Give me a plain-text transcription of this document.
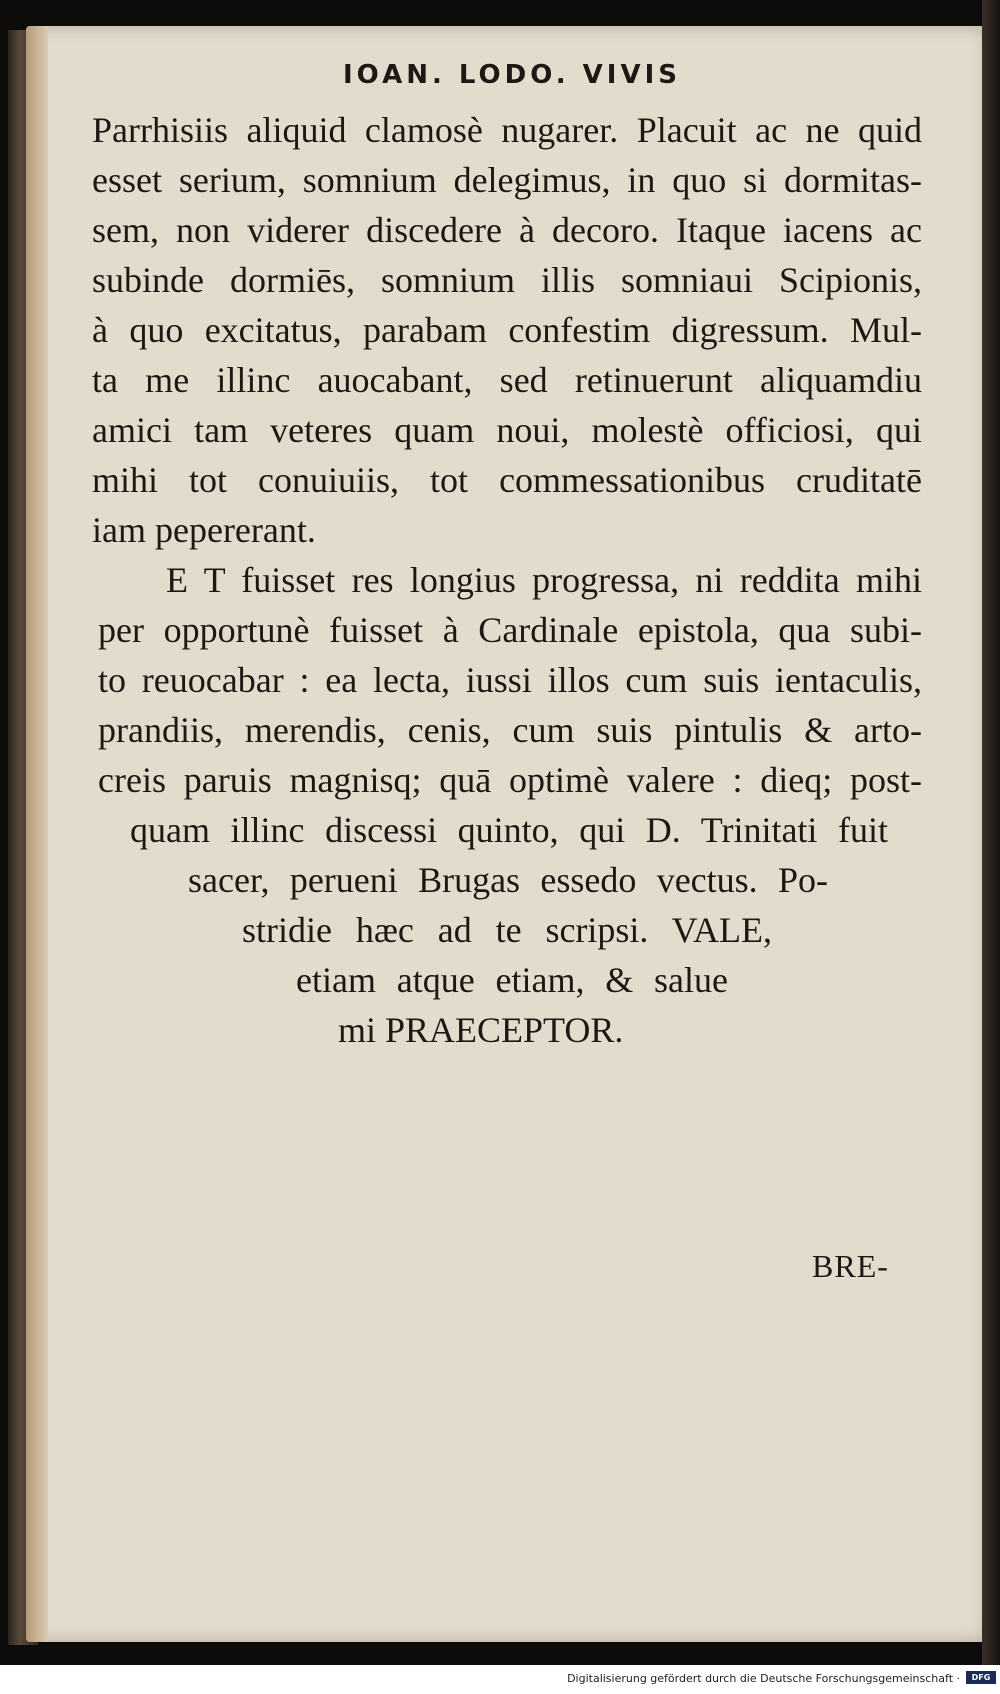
IOAN. LODO. VIVIS
Parrhisiis aliquid clamosè nugarer. Placuit ac ne quid
esset serium, somnium delegimus, in quo si dormitas-
sem, non viderer discedere à decoro. Itaque iacens ac
subinde dormiēs, somnium illis somniaui Scipionis,
à quo excitatus, parabam confestim digressum. Mul-
ta me illinc auocabant, sed retinuerunt aliquamdiu
amici tam veteres quam noui, molestè officiosi, qui
mihi tot conuiuiis, tot commessationibus cruditatē
iam pepererant.
E T fuisset res longius progressa, ni reddita mihi
per opportunè fuisset à Cardinale epistola, qua subi-
to reuocabar : ea lecta, iussi illos cum suis ientaculis,
prandiis, merendis, cenis, cum suis pintulis & arto-
creis paruis magnisq; quā optimè valere : dieq; post-
quam illinc discessi quinto, qui D. Trinitati fuit
sacer, perueni Brugas essedo vectus. Po-
stridie hæc ad te scripsi. VALE,
etiam atque etiam, & salue
mi PRAECEPTOR.
BRE-
Digitalisierung gefördert durch die Deutsche Forschungsgemeinschaft ·	DFG
